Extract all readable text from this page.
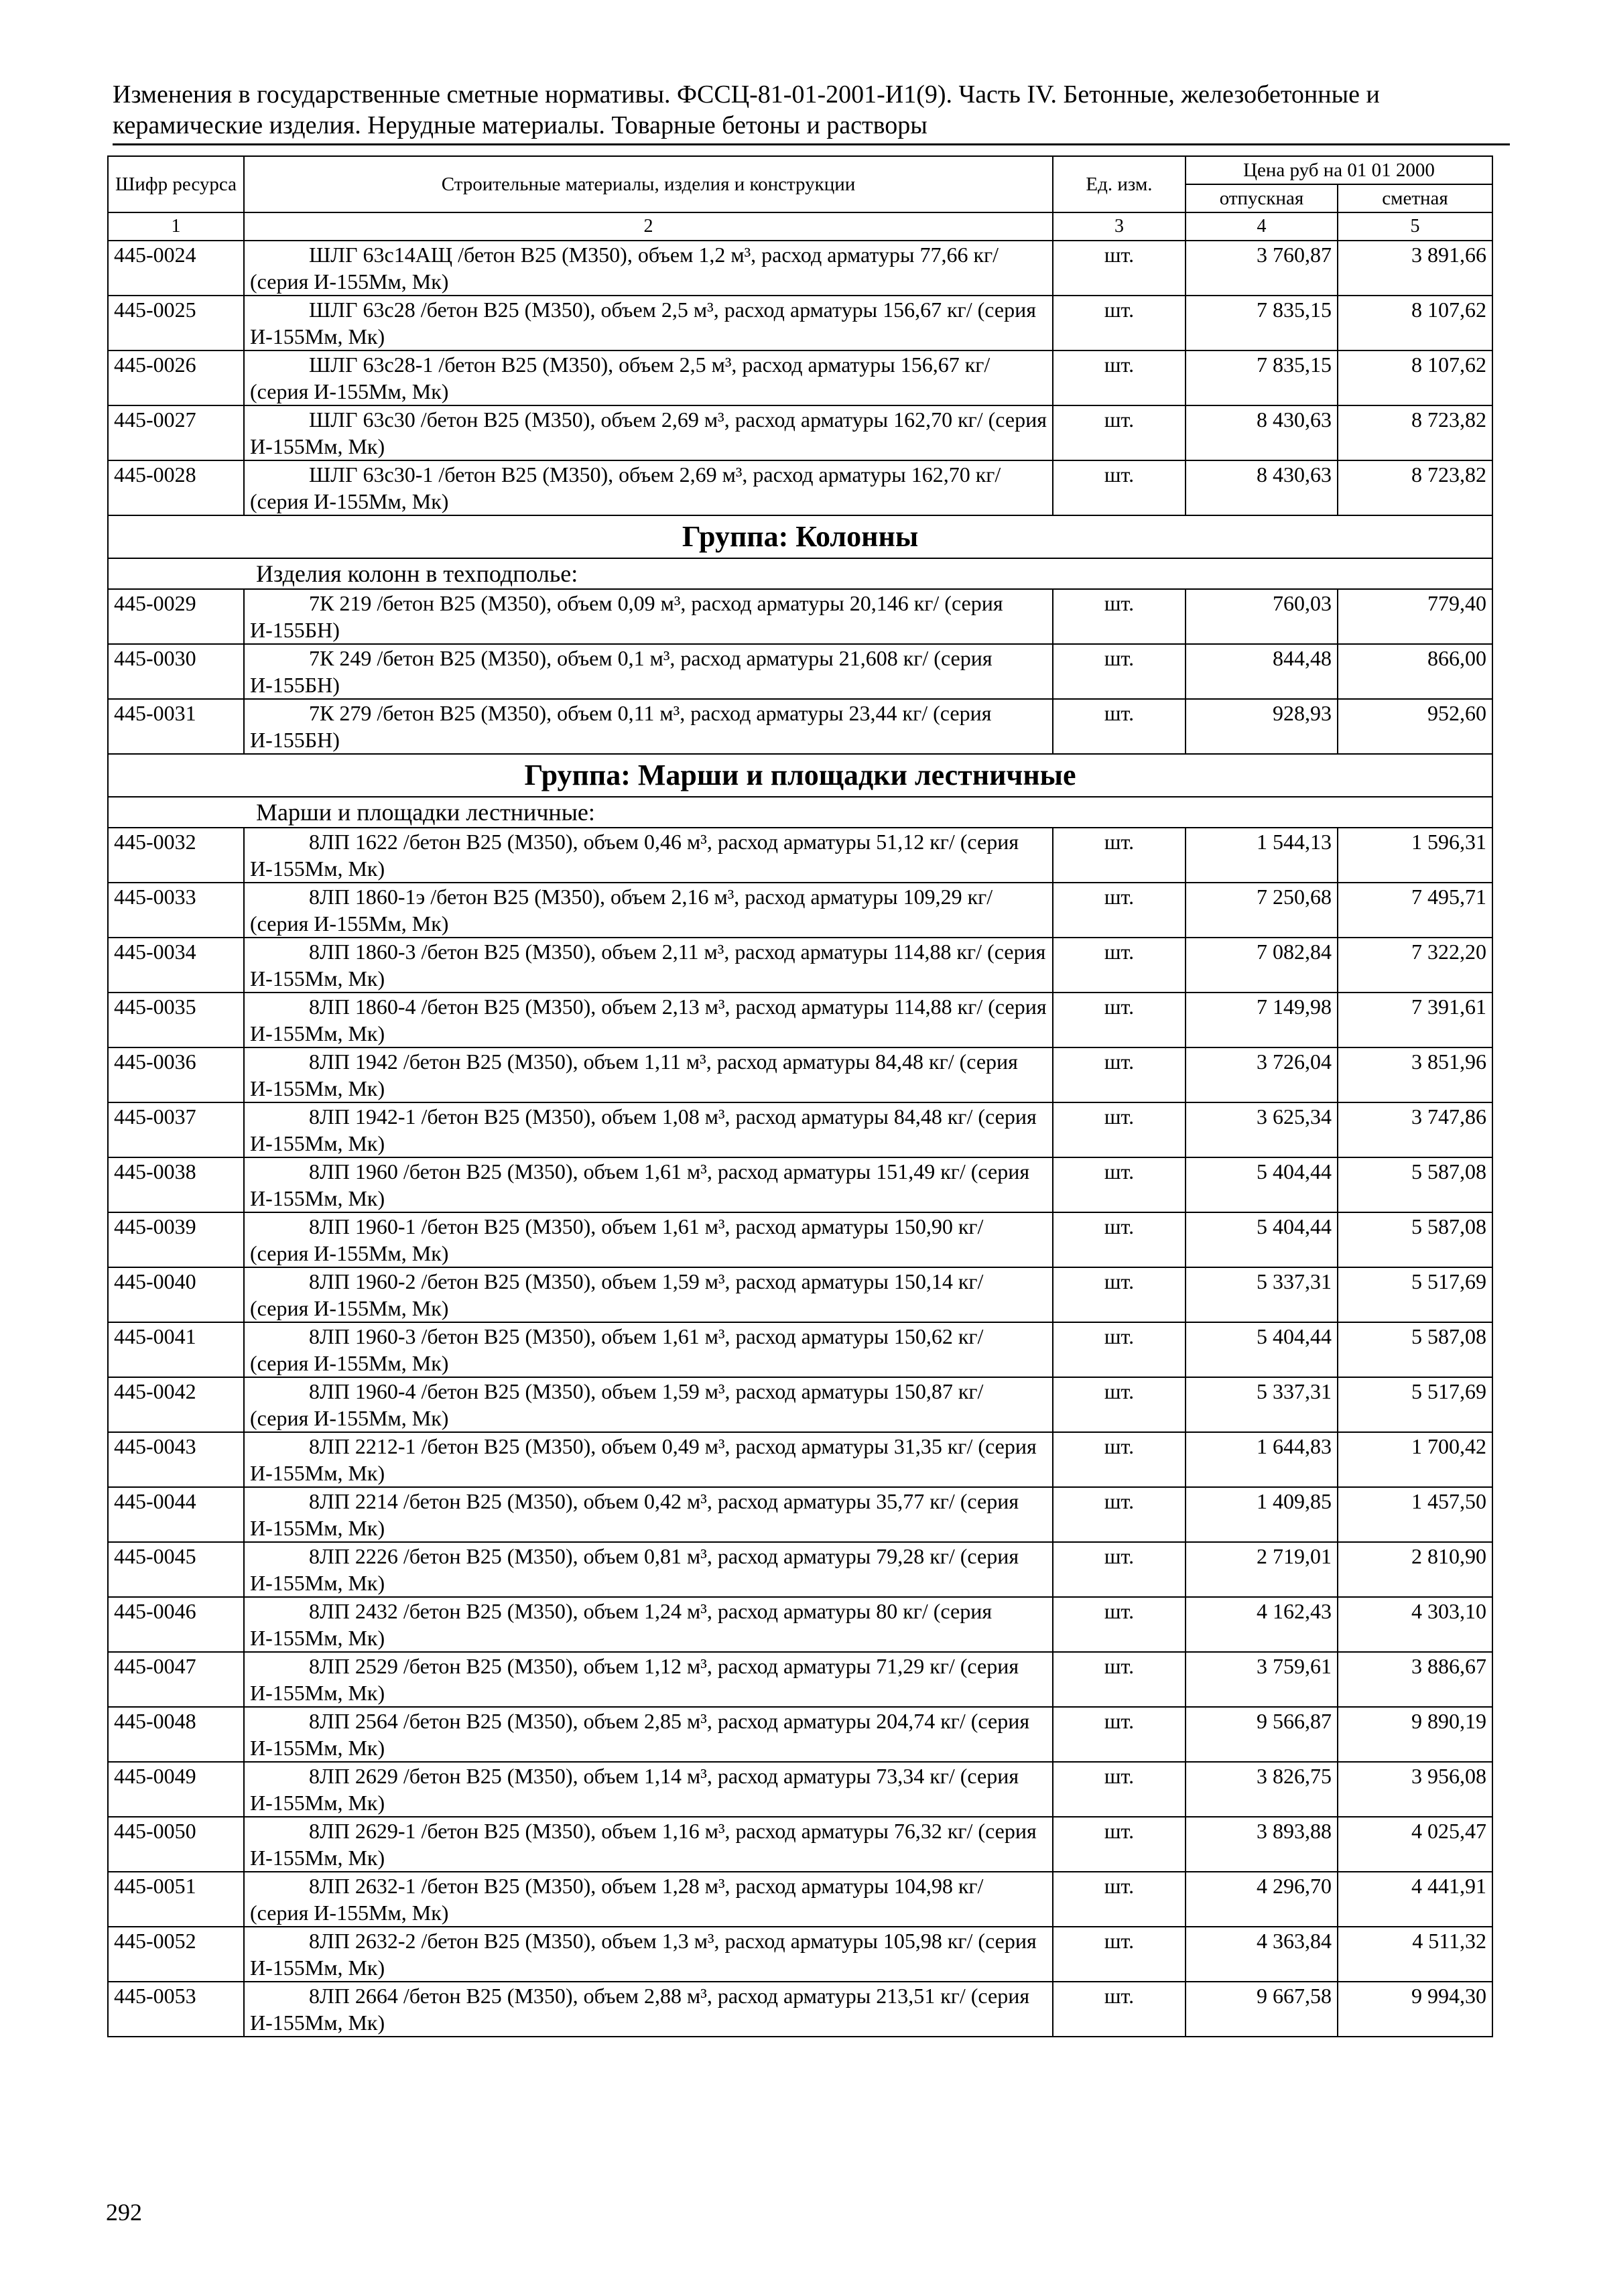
Изменения в государственные сметные нормативы. ФССЦ-81-01-2001-И1(9). Часть IV. Бетонные, железобетонные и
керамические изделия. Нерудные материалы. Товарные бетоны и растворы
Шифр ресурса	Строительные материалы, изделия и конструкции	Ед. изм.	Цена руб на 01 01 2000	
			отпускная	сметная
1	2	3	4	5
445-0024	ШЛГ 63с14АЩ /бетон В25 (М350), объем 1,2 м³, расход арматуры 77,66 кг/ (серия И-155Мм, Мк)	шт.	3 760,87	3 891,66
445-0025	ШЛГ 63с28 /бетон В25 (М350), объем 2,5 м³, расход арматуры 156,67 кг/ (серия И-155Мм, Мк)	шт.	7 835,15	8 107,62
445-0026	ШЛГ 63с28-1 /бетон В25 (М350), объем 2,5 м³, расход арматуры 156,67 кг/ (серия И-155Мм, Мк)	шт.	7 835,15	8 107,62
445-0027	ШЛГ 63с30 /бетон В25 (М350), объем 2,69 м³, расход арматуры 162,70 кг/ (серия И-155Мм, Мк)	шт.	8 430,63	8 723,82
445-0028	ШЛГ 63с30-1 /бетон В25 (М350), объем 2,69 м³, расход арматуры 162,70 кг/ (серия И-155Мм, Мк)	шт.	8 430,63	8 723,82
Группа: Колонны				
Изделия колонн в техподполье:				
445-0029	7К 219 /бетон В25 (М350), объем 0,09 м³, расход арматуры 20,146 кг/ (серия И-155БН)	шт.	760,03	779,40
445-0030	7К 249 /бетон В25 (М350), объем 0,1 м³, расход арматуры 21,608 кг/ (серия И-155БН)	шт.	844,48	866,00
445-0031	7К 279 /бетон В25 (М350), объем 0,11 м³, расход арматуры 23,44 кг/ (серия И-155БН)	шт.	928,93	952,60
Группа: Марши и площадки лестничные				
Марши и площадки лестничные:				
445-0032	8ЛП 1622 /бетон В25 (М350), объем 0,46 м³, расход арматуры 51,12 кг/ (серия И-155Мм, Мк)	шт.	1 544,13	1 596,31
445-0033	8ЛП 1860-1э /бетон В25 (М350), объем 2,16 м³, расход арматуры 109,29 кг/ (серия И-155Мм, Мк)	шт.	7 250,68	7 495,71
445-0034	8ЛП 1860-3 /бетон В25 (М350), объем 2,11 м³, расход арматуры 114,88 кг/ (серия И-155Мм, Мк)	шт.	7 082,84	7 322,20
445-0035	8ЛП 1860-4 /бетон В25 (М350), объем 2,13 м³, расход арматуры 114,88 кг/ (серия И-155Мм, Мк)	шт.	7 149,98	7 391,61
445-0036	8ЛП 1942 /бетон В25 (М350), объем 1,11 м³, расход арматуры 84,48 кг/ (серия И-155Мм, Мк)	шт.	3 726,04	3 851,96
445-0037	8ЛП 1942-1 /бетон В25 (М350), объем 1,08 м³, расход арматуры 84,48 кг/ (серия И-155Мм, Мк)	шт.	3 625,34	3 747,86
445-0038	8ЛП 1960 /бетон В25 (М350), объем 1,61 м³, расход арматуры 151,49 кг/ (серия И-155Мм, Мк)	шт.	5 404,44	5 587,08
445-0039	8ЛП 1960-1 /бетон В25 (М350), объем 1,61 м³, расход арматуры 150,90 кг/ (серия И-155Мм, Мк)	шт.	5 404,44	5 587,08
445-0040	8ЛП 1960-2 /бетон В25 (М350), объем 1,59 м³, расход арматуры 150,14 кг/ (серия И-155Мм, Мк)	шт.	5 337,31	5 517,69
445-0041	8ЛП 1960-3 /бетон В25 (М350), объем 1,61 м³, расход арматуры 150,62 кг/ (серия И-155Мм, Мк)	шт.	5 404,44	5 587,08
445-0042	8ЛП 1960-4 /бетон В25 (М350), объем 1,59 м³, расход арматуры 150,87 кг/ (серия И-155Мм, Мк)	шт.	5 337,31	5 517,69
445-0043	8ЛП 2212-1 /бетон В25 (М350), объем 0,49 м³, расход арматуры 31,35 кг/ (серия И-155Мм, Мк)	шт.	1 644,83	1 700,42
445-0044	8ЛП 2214 /бетон В25 (М350), объем 0,42 м³, расход арматуры 35,77 кг/ (серия И-155Мм, Мк)	шт.	1 409,85	1 457,50
445-0045	8ЛП 2226 /бетон В25 (М350), объем 0,81 м³, расход арматуры 79,28 кг/ (серия И-155Мм, Мк)	шт.	2 719,01	2 810,90
445-0046	8ЛП 2432 /бетон В25 (М350), объем 1,24 м³, расход арматуры 80 кг/ (серия И-155Мм, Мк)	шт.	4 162,43	4 303,10
445-0047	8ЛП 2529 /бетон В25 (М350), объем 1,12 м³, расход арматуры 71,29 кг/ (серия И-155Мм, Мк)	шт.	3 759,61	3 886,67
445-0048	8ЛП 2564 /бетон В25 (М350), объем 2,85 м³, расход арматуры 204,74 кг/ (серия И-155Мм, Мк)	шт.	9 566,87	9 890,19
445-0049	8ЛП 2629 /бетон В25 (М350), объем 1,14 м³, расход арматуры 73,34 кг/ (серия И-155Мм, Мк)	шт.	3 826,75	3 956,08
445-0050	8ЛП 2629-1 /бетон В25 (М350), объем 1,16 м³, расход арматуры 76,32 кг/ (серия И-155Мм, Мк)	шт.	3 893,88	4 025,47
445-0051	8ЛП 2632-1 /бетон В25 (М350), объем 1,28 м³, расход арматуры 104,98 кг/ (серия И-155Мм, Мк)	шт.	4 296,70	4 441,91
445-0052	8ЛП 2632-2 /бетон В25 (М350), объем 1,3 м³, расход арматуры 105,98 кг/ (серия И-155Мм, Мк)	шт.	4 363,84	4 511,32
445-0053	8ЛП 2664 /бетон В25 (М350), объем 2,88 м³, расход арматуры 213,51 кг/ (серия И-155Мм, Мк)	шт.	9 667,58	9 994,30
292
